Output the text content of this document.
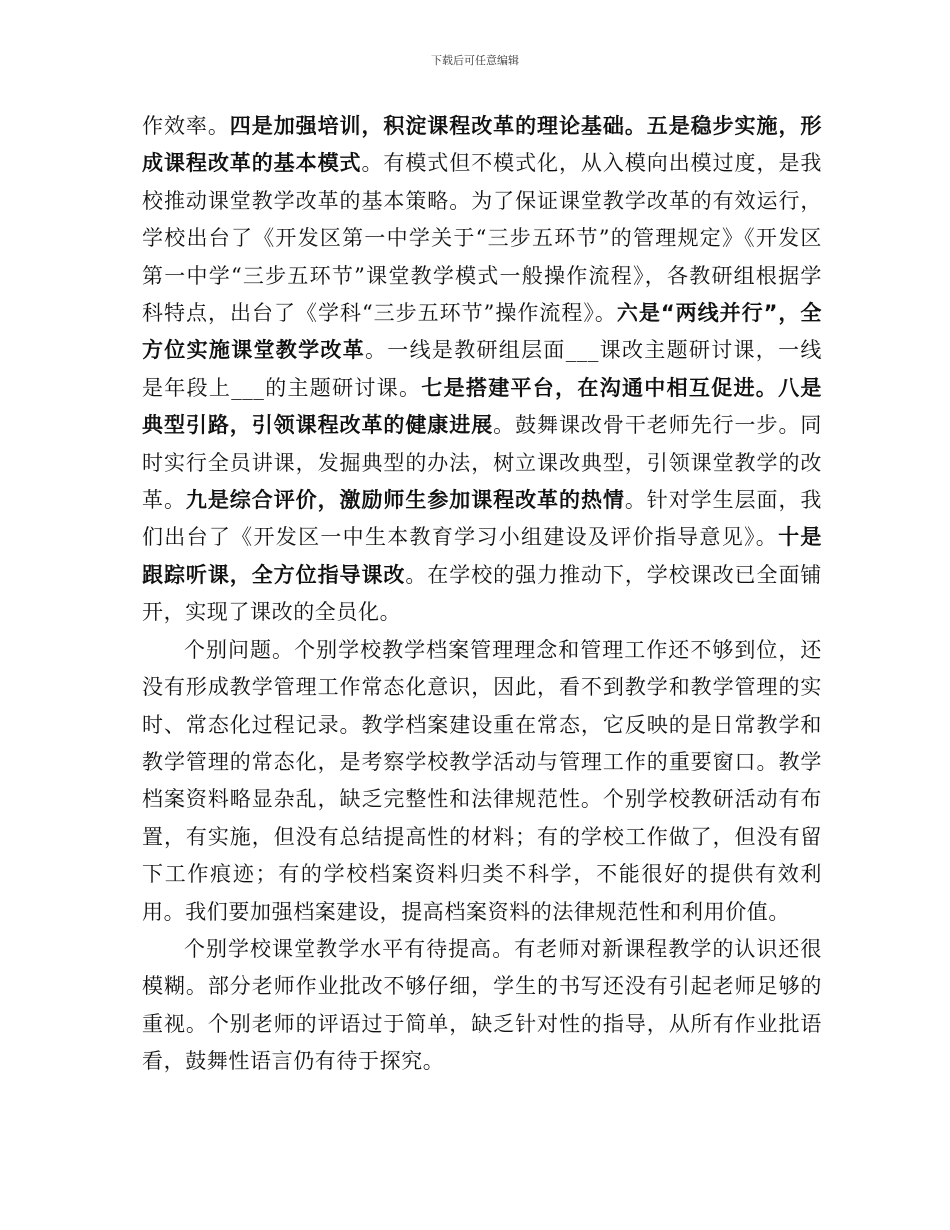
下载后可任意编辑

作效率。四是加强培训，积淀课程改革的理论基础。五是稳步实施，形成课程改革的基本模式。有模式但不模式化，从入模向出模过度，是我校推动课堂教学改革的基本策略。为了保证课堂教学改革的有效运行，学校出台了《开发区第一中学关于“三步五环节”的管理规定》《开发区第一中学“三步五环节”课堂教学模式一般操作流程》，各教研组根据学科特点，出台了《学科“三步五环节”操作流程》。六是“两线并行”，全方位实施课堂教学改革。一线是教研组层面___课改主题研讨课，一线是年段上___的主题研讨课。七是搭建平台，在沟通中相互促进。八是典型引路，引领课程改革的健康进展。鼓舞课改骨干老师先行一步。同时实行全员讲课，发掘典型的办法，树立课改典型，引领课堂教学的改革。九是综合评价，激励师生参加课程改革的热情。针对学生层面，我们出台了《开发区一中生本教育学习小组建设及评价指导意见》。十是跟踪听课，全方位指导课改。在学校的强力推动下，学校课改已全面铺开，实现了课改的全员化。

个别问题。个别学校教学档案管理理念和管理工作还不够到位，还没有形成教学管理工作常态化意识，因此，看不到教学和教学管理的实时、常态化过程记录。教学档案建设重在常态，它反映的是日常教学和教学管理的常态化，是考察学校教学活动与管理工作的重要窗口。教学档案资料略显杂乱，缺乏完整性和法律规范性。个别学校教研活动有布置，有实施，但没有总结提高性的材料；有的学校工作做了，但没有留下工作痕迹；有的学校档案资料归类不科学，不能很好的提供有效利用。我们要加强档案建设，提高档案资料的法律规范性和利用价值。

个别学校课堂教学水平有待提高。有老师对新课程教学的认识还很模糊。部分老师作业批改不够仔细，学生的书写还没有引起老师足够的重视。个别老师的评语过于简单，缺乏针对性的指导，从所有作业批语看，鼓舞性语言仍有待于探究。
